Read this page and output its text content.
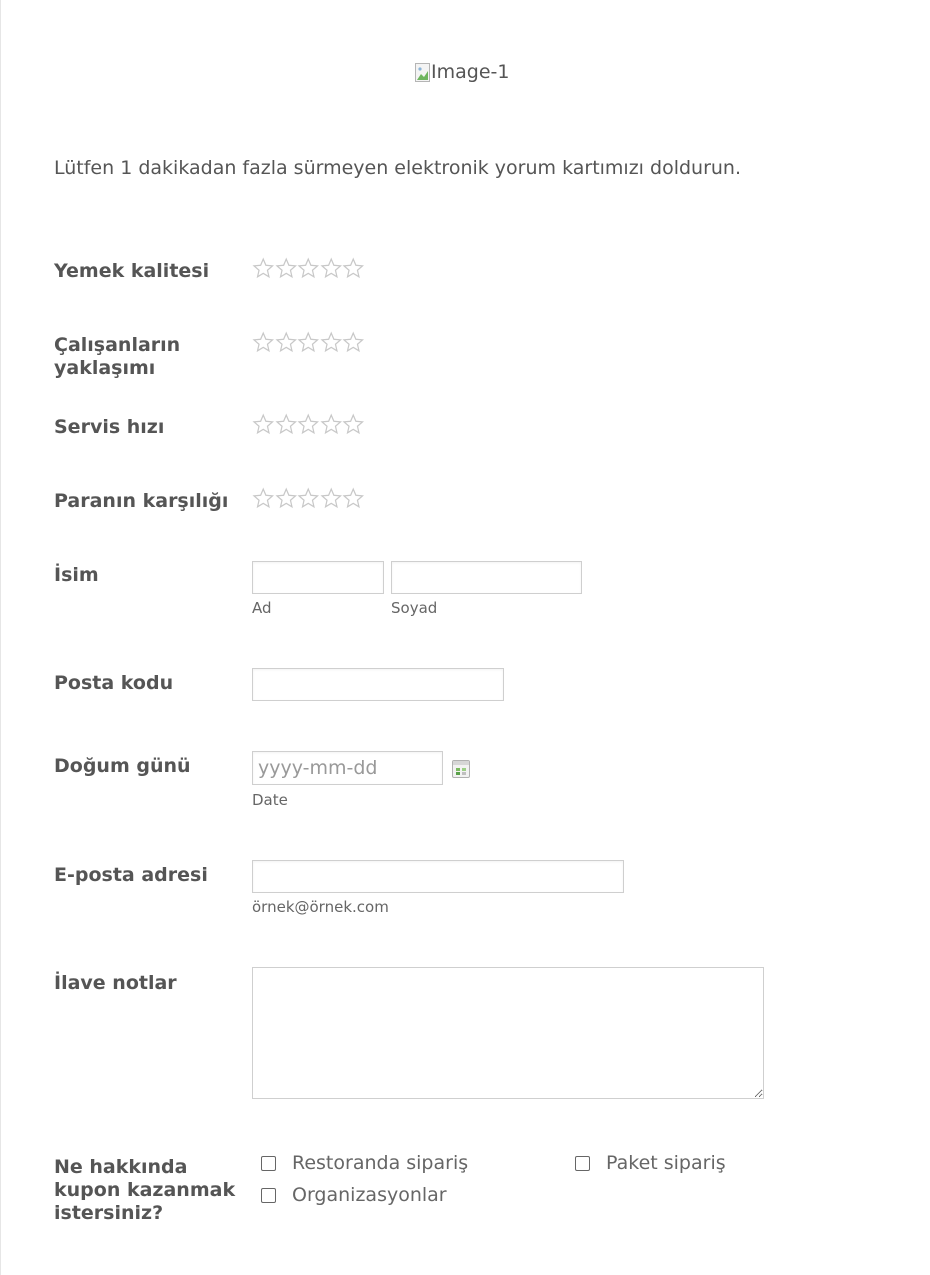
Image-1
Lütfen 1 dakikadan fazla sürmeyen elektronik yorum kartımızı doldurun.
Yemek kalitesi
Çalışanların yaklaşımı
Servis hızı
Paranın karşılığı
İsim
Ad	Soyad
Posta kodu
Doğum günü
yyyy-mm-dd
Date
E-posta adresi
örnek@örnek.com
İlave notlar
Ne hakkında kupon kazanmak istersiniz?
Restoranda sipariş	Paket sipariş
Organizasyonlar
